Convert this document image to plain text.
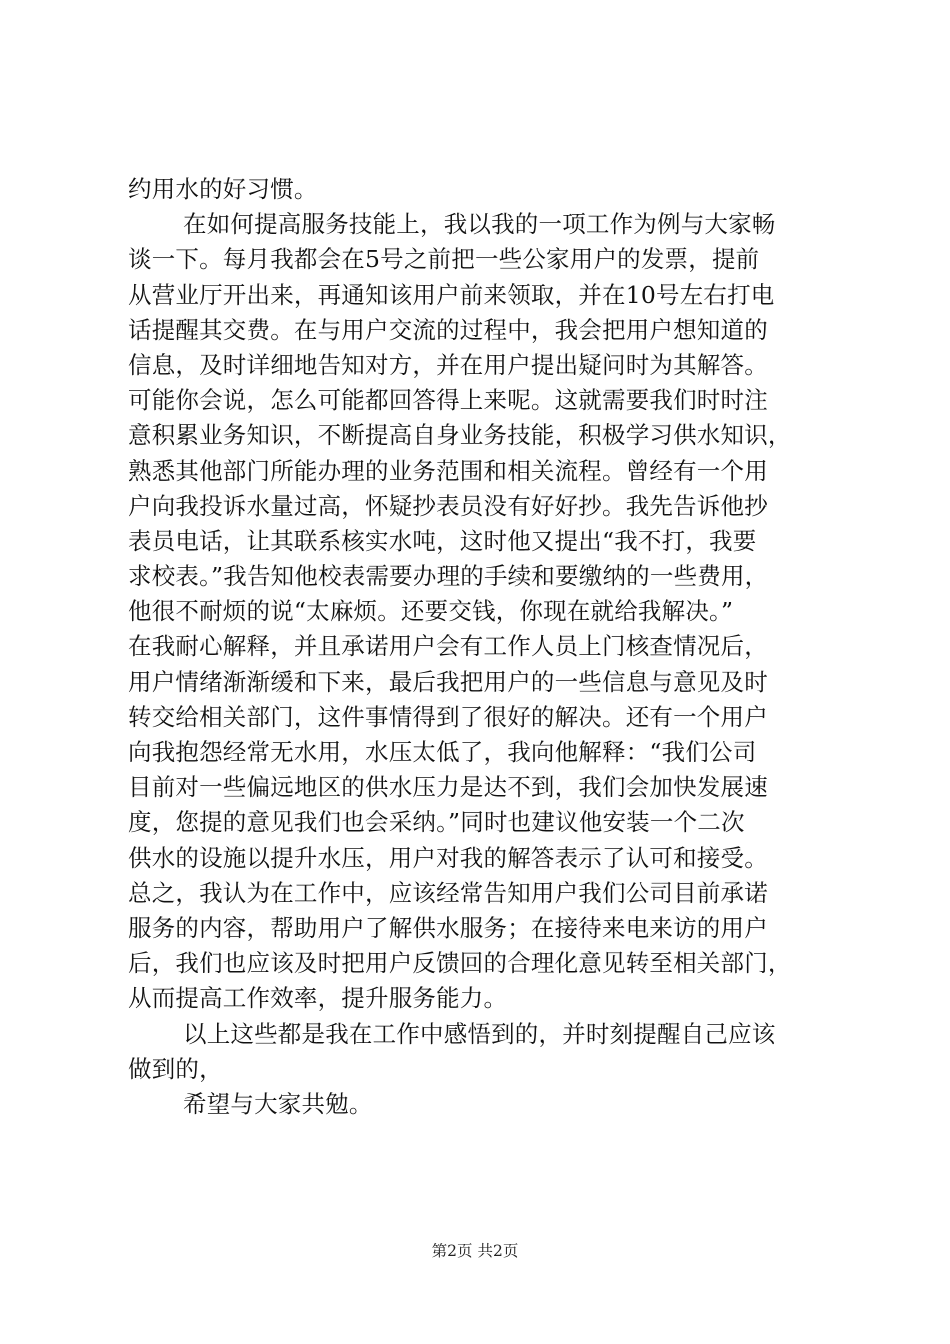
约用水的好习惯。
在如何提高服务技能上，我以我的一项工作为例与大家畅
谈一下。每月我都会在5号之前把一些公家用户的发票，提前
从营业厅开出来，再通知该用户前来领取，并在10号左右打电
话提醒其交费。在与用户交流的过程中，我会把用户想知道的
信息，及时详细地告知对方，并在用户提出疑问时为其解答。
可能你会说，怎么可能都回答得上来呢。这就需要我们时时注
意积累业务知识，不断提高自身业务技能，积极学习供水知识，
熟悉其他部门所能办理的业务范围和相关流程。曾经有一个用
户向我投诉水量过高，怀疑抄表员没有好好抄。我先告诉他抄
表员电话，让其联系核实水吨，这时他又提出“我不打，我要
求校表。”我告知他校表需要办理的手续和要缴纳的一些费用，
他很不耐烦的说“太麻烦。还要交钱，你现在就给我解决。”
在我耐心解释，并且承诺用户会有工作人员上门核查情况后，
用户情绪渐渐缓和下来，最后我把用户的一些信息与意见及时
转交给相关部门，这件事情得到了很好的解决。还有一个用户
向我抱怨经常无水用，水压太低了，我向他解释：“我们公司
目前对一些偏远地区的供水压力是达不到，我们会加快发展速
度，您提的意见我们也会采纳。”同时也建议他安装一个二次
供水的设施以提升水压，用户对我的解答表示了认可和接受。
总之，我认为在工作中，应该经常告知用户我们公司目前承诺
服务的内容，帮助用户了解供水服务；在接待来电来访的用户
后，我们也应该及时把用户反馈回的合理化意见转至相关部门，
从而提高工作效率，提升服务能力。
以上这些都是我在工作中感悟到的，并时刻提醒自己应该
做到的，
希望与大家共勉。
第2页 共2页
